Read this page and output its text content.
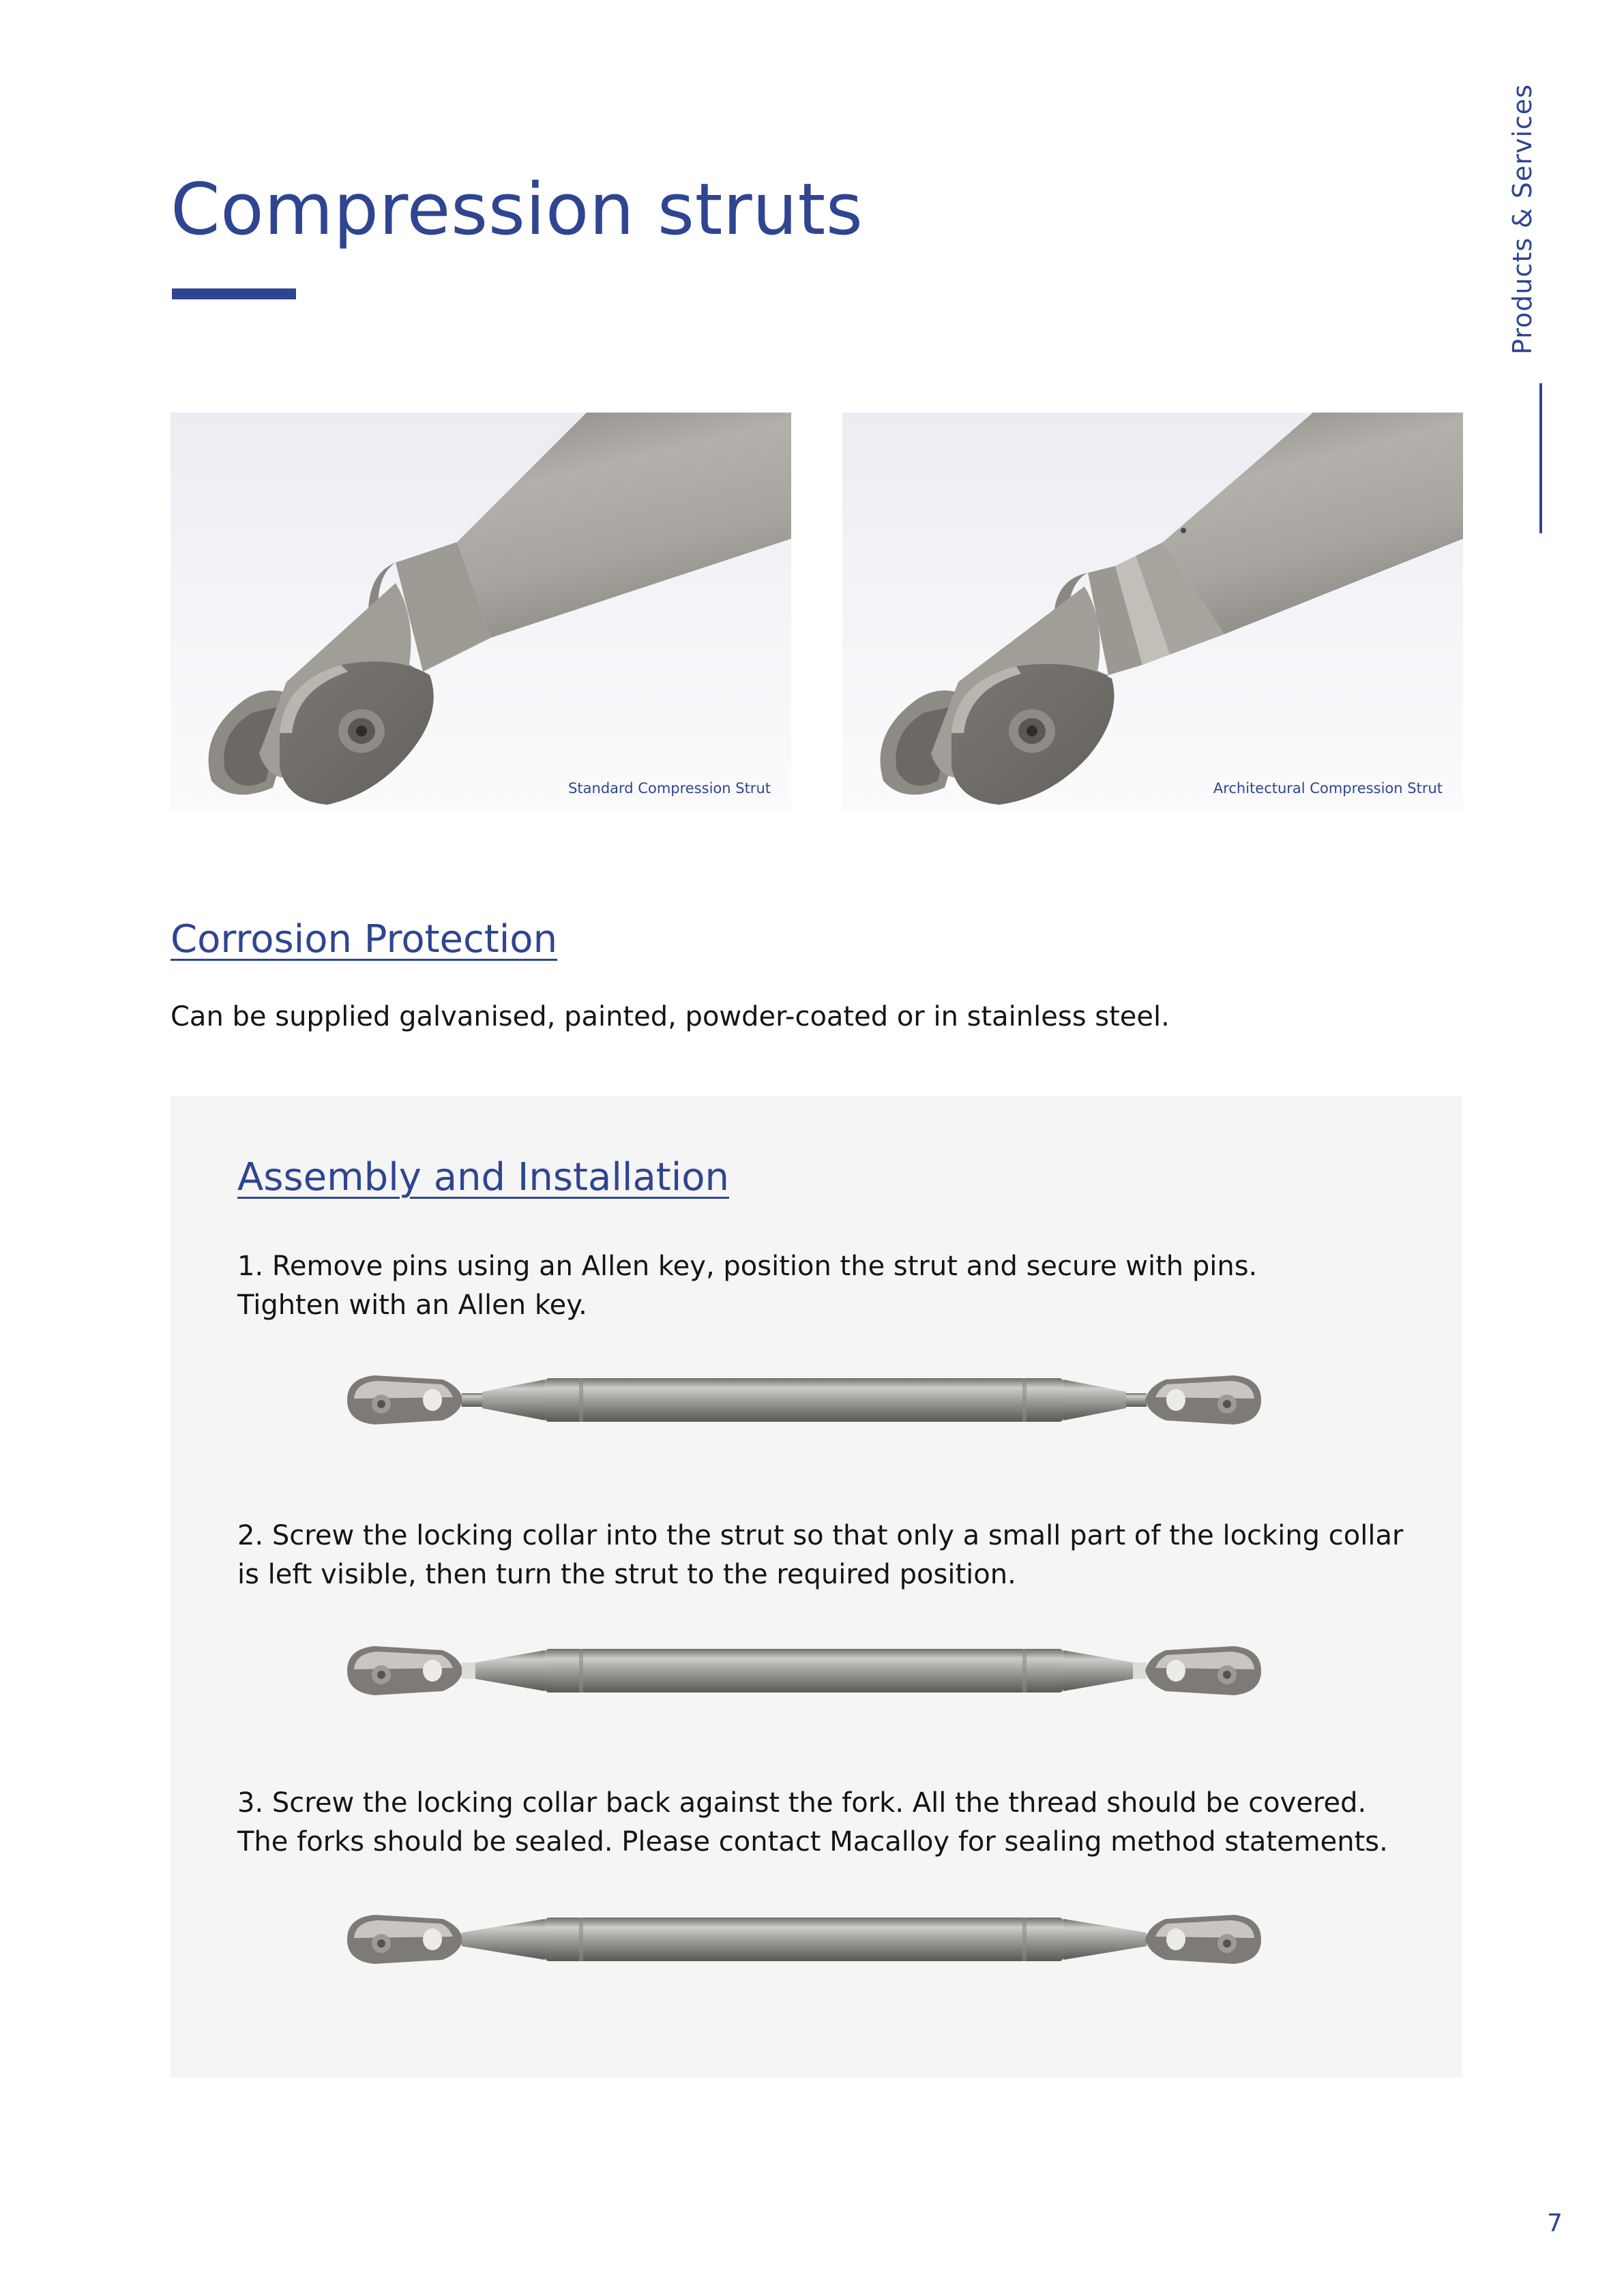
Compression struts	Products & Services
Standard Compression Strut	Architectural Compression Strut
Corrosion Protection

Can be supplied galvanised, painted, powder-coated or in stainless steel.

Assembly and Installation

1. Remove pins using an Allen key, position the strut and secure with pins.

Tighten with an Allen key.

2. Screw the locking collar into the strut so that only a small part of the locking collar

is left visible, then turn the strut to the required position.

3. Screw the locking collar back against the fork. All the thread should be covered.

The forks should be sealed. Please contact Macalloy for sealing method statements.

7
